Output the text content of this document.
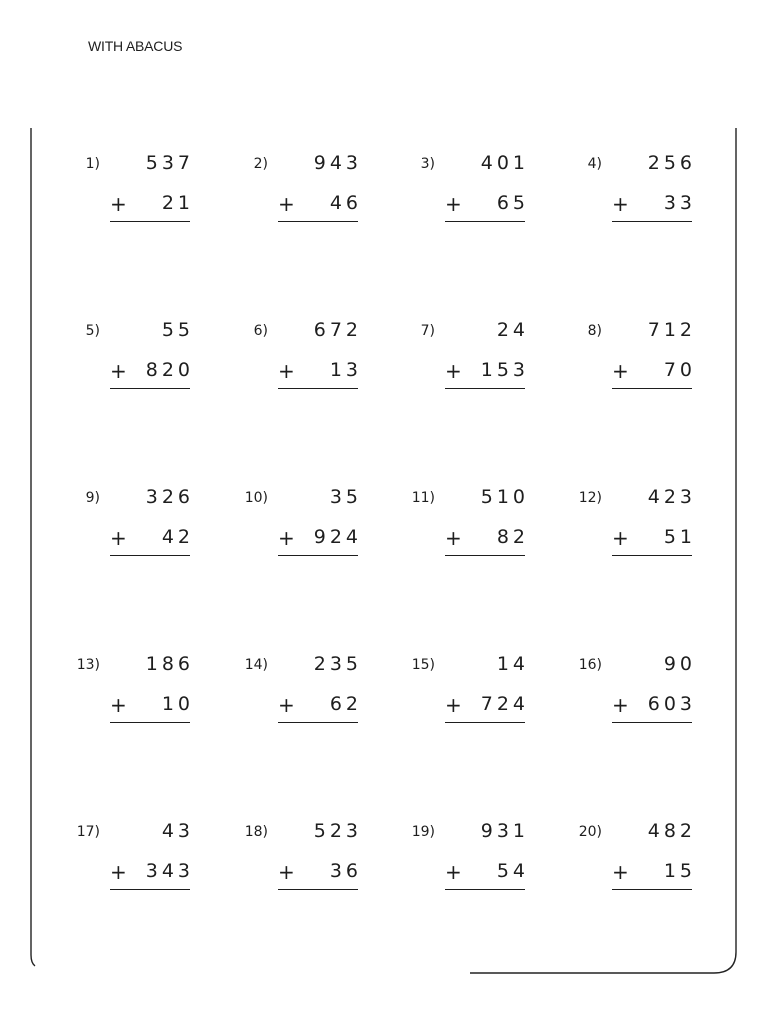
WITH ABACUS
1) 537
+ 21
2) 943
+ 46
3) 401
+ 65
4) 256
+ 33
5)	55
+ 820
6) 672
+ 13
7)	24
+ 153
8) 712
+ 70
9) 326
+ 42
10)	35
+ 924
11) 510
+ 82
12) 423
+ 51
13) 186
+ 10
14) 235
+ 62
15)	14
+ 724
16)	90
+ 603
17)	43
+ 343
18) 523
+ 36
19) 931
+ 54
20) 482
+ 15
